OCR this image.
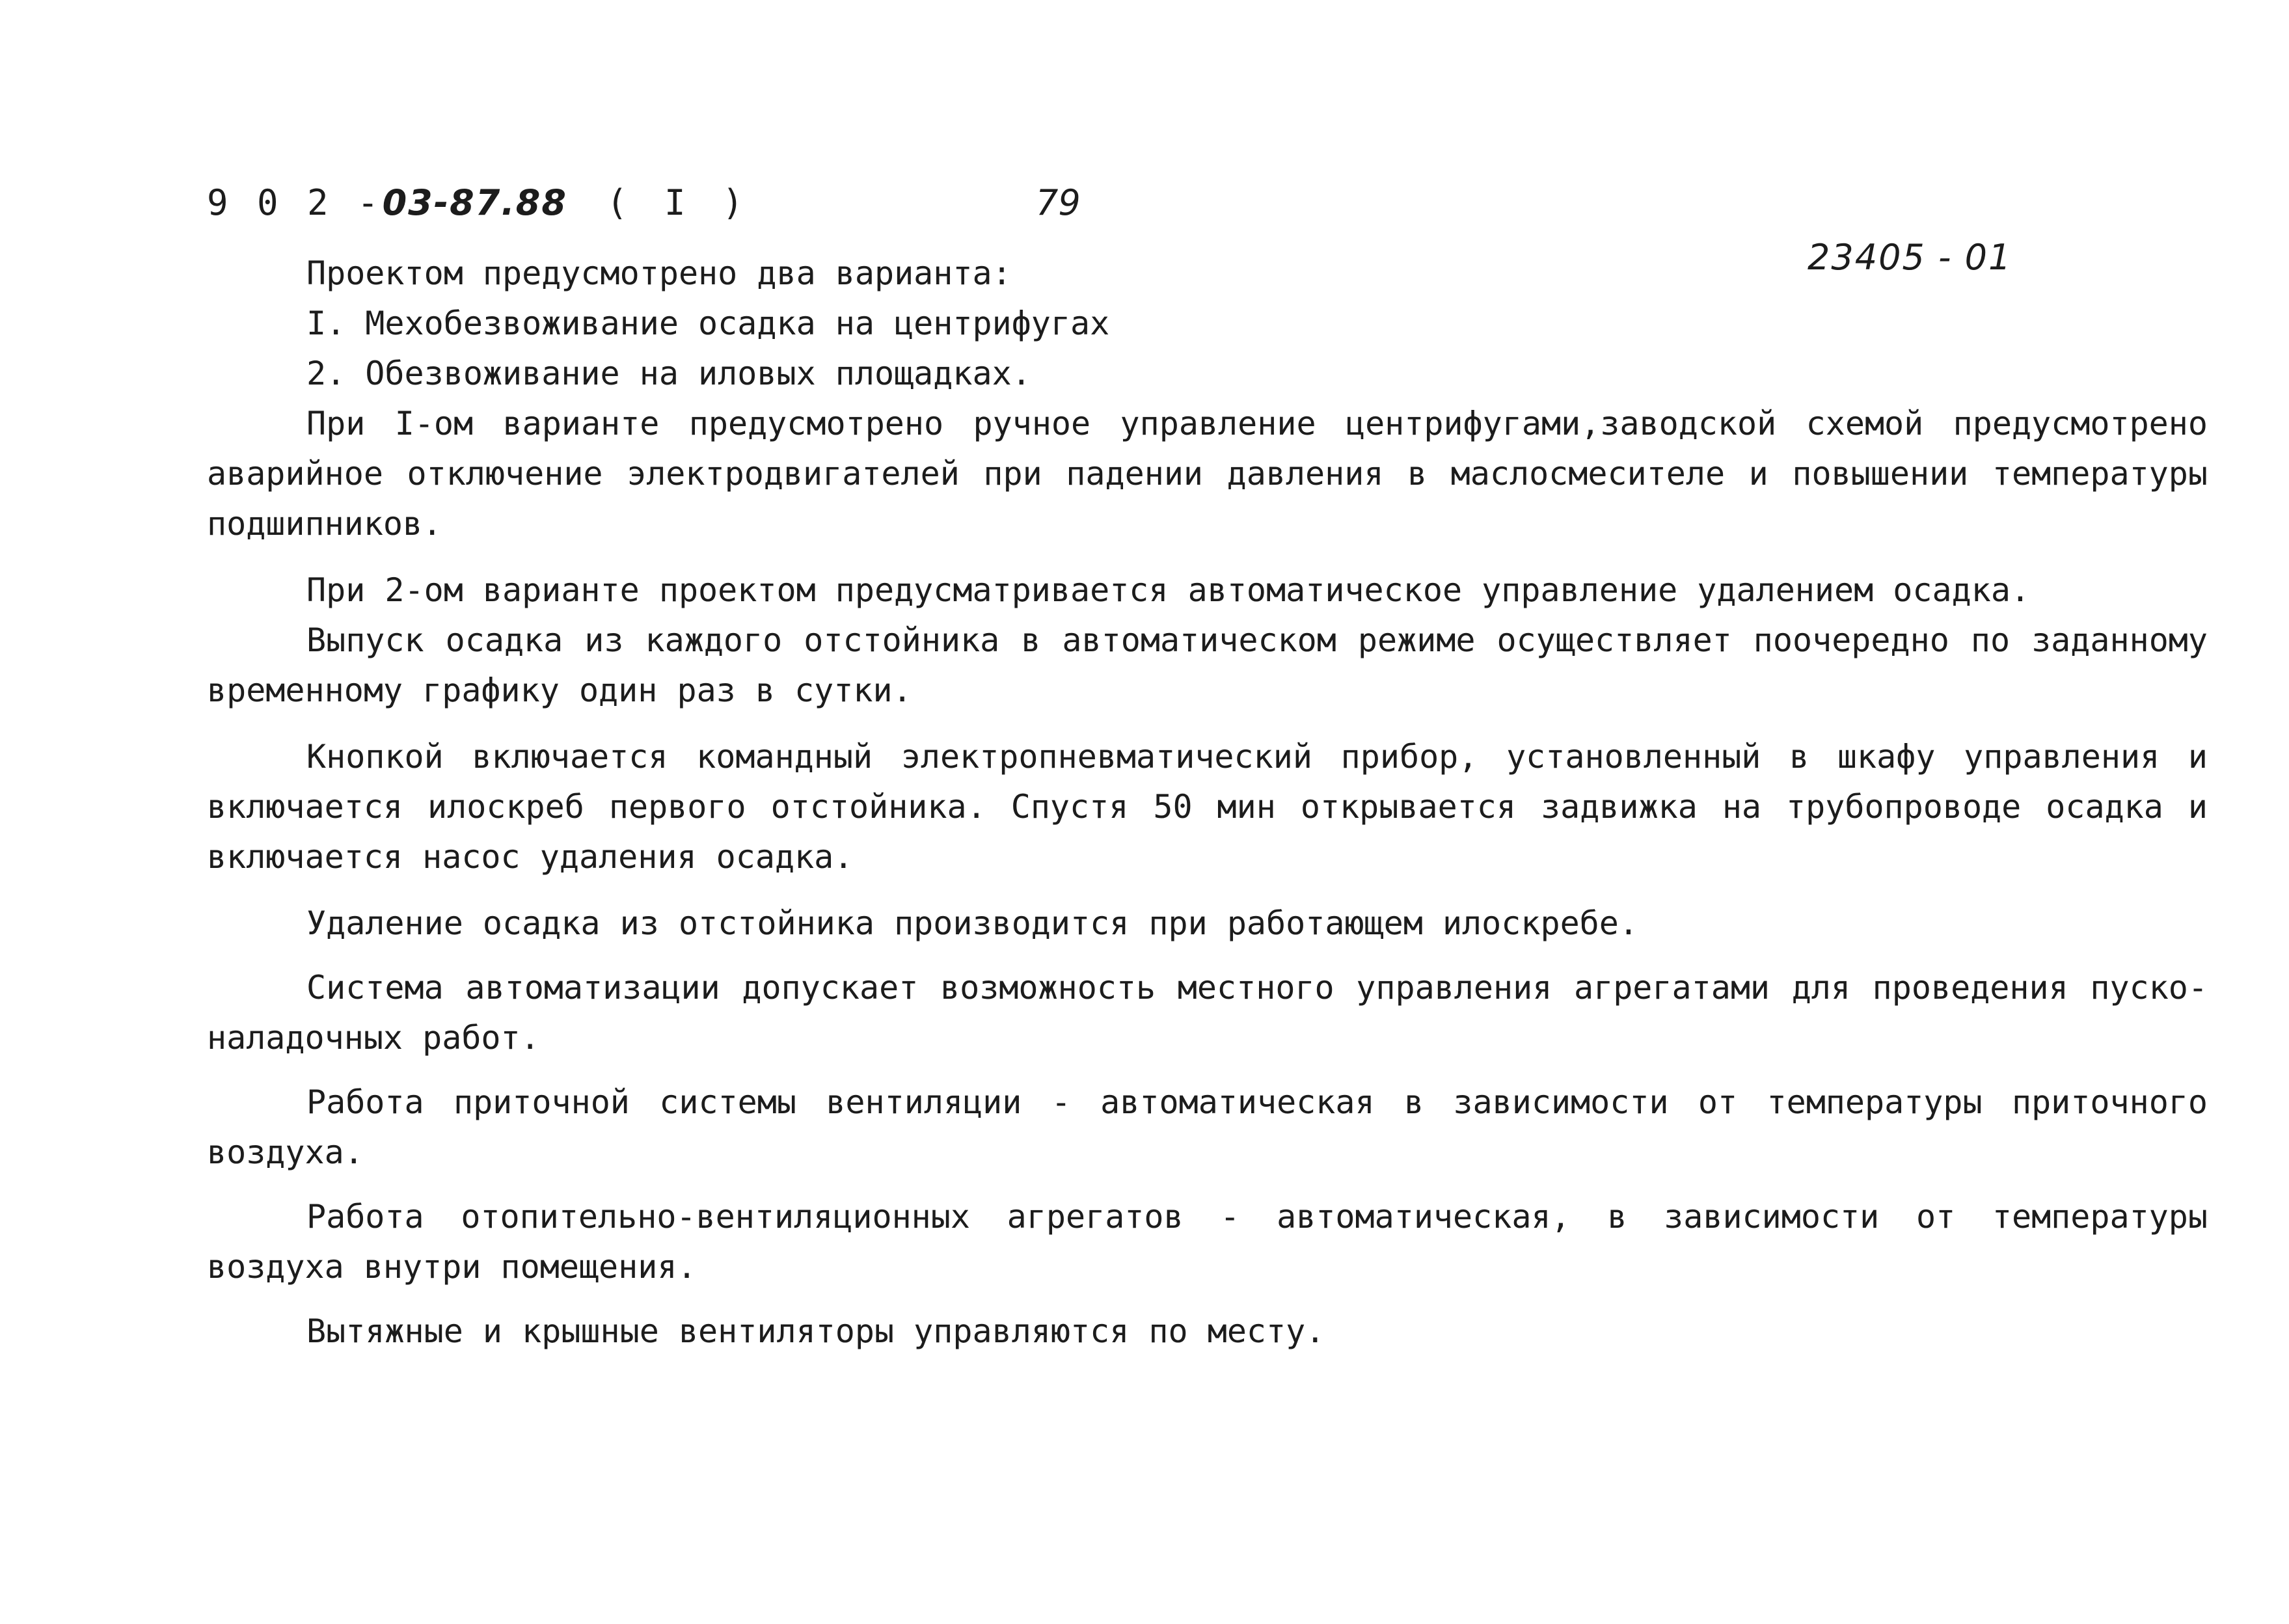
9 0 2 -03-87.88 ( I )	79
23405 - 01

Проектом предусмотрено два варианта:

I. Мехобезвоживание осадка на центрифугах

2. Обезвоживание на иловых площадках.

При I-ом варианте предусмотрено ручное управление центрифугами,заводской схемой предусмотрено аварийное отключение электродвигателей при падении давления в маслосмесителе и повышении температуры подшипников.

При 2-ом варианте проектом предусматривается автоматическое управление удалением осадка.

Выпуск осадка из каждого отстойника в автоматическом режиме осуществляет поочередно по заданному временному графику один раз в сутки.

Кнопкой включается командный электропневматический прибор, установленный в шкафу управления и включается илоскреб первого отстойника. Спустя 50 мин открывается задвижка на трубопроводе осадка и включается насос удаления осадка.

Удаление осадка из отстойника производится при работающем илоскребе.

Система автоматизации допускает возможность местного управления агрегатами для проведения пуско-наладочных работ.

Работа приточной системы вентиляции - автоматическая в зависимости от температуры приточного воздуха.

Работа отопительно-вентиляционных агрегатов - автоматическая, в зависимости от температуры воздуха внутри помещения.

Вытяжные и крышные вентиляторы управляются по месту.
